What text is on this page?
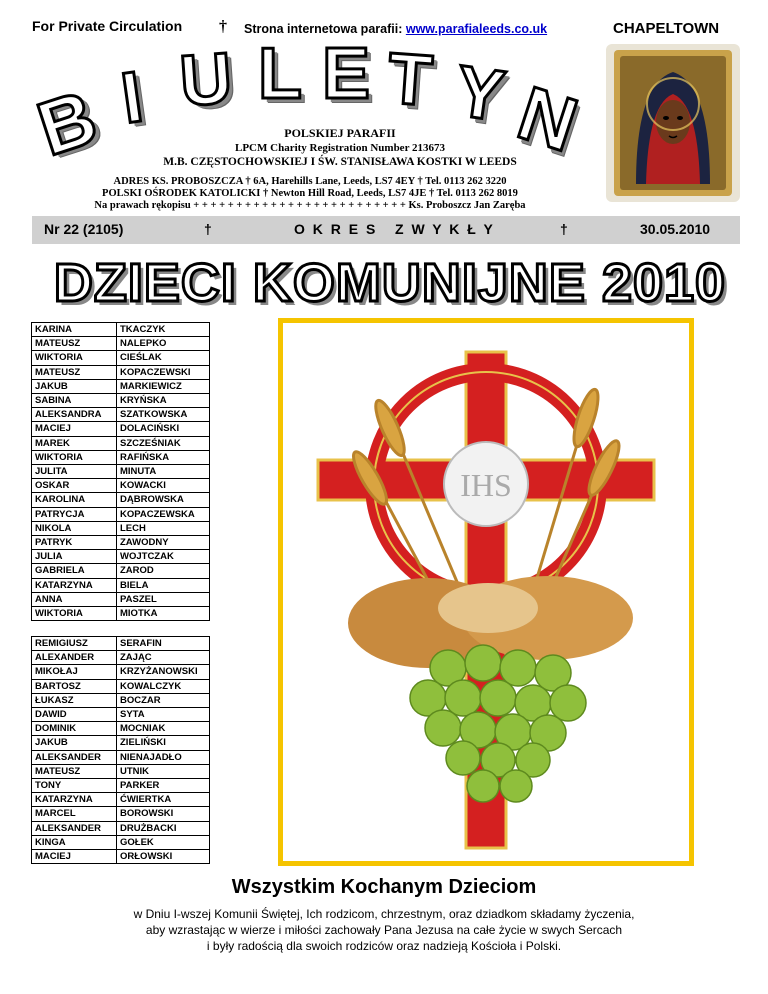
For Private Circulation † Strona internetowa parafii: www.parafialeeds.co.uk	CHAPELTOWN
B I U L E T Y N
POLSKIEJ PARAFII
LPCM Charity Registration Number 213673
M.B. CZĘSTOCHOWSKIEJ I ŚW. STANISŁAWA KOSTKI W LEEDS
ADRES KS. PROBOSZCZA † 6A, Harehills Lane, Leeds, LS7 4EY † Tel. 0113 262 3220
POLSKI OŚRODEK KATOLICKI † Newton Hill Road, Leeds, LS7 4JE † Tel. 0113 262 8019
Na prawach rękopisu + + + + + + + + + + + + + + + + + + + + + + + + + Ks. Proboszcz Jan Zaręba
Nr 22 (2105)	†	O K R E S   Z W Y K Ł Y	†	30.05.2010
DZIECI KOMUNIJNE 2010
KARINA	TKACZYK
MATEUSZ	NALEPKO
WIKTORIA	CIEŚLAK
MATEUSZ	KOPACZEWSKI
JAKUB	MARKIEWICZ
SABINA	KRYŃSKA
ALEKSANDRA	SZATKOWSKA
MACIEJ	DOLACIŃSKI
MAREK	SZCZEŚNIAK
WIKTORIA	RAFIŃSKA
JULITA	MINUTA
OSKAR	KOWACKI
KAROLINA	DĄBROWSKA
PATRYCJA	KOPACZEWSKA
NIKOLA	LECH
PATRYK	ZAWODNY
JULIA	WOJTCZAK
GABRIELA	ZAROD
KATARZYNA	BIELA
ANNA	PASZEL
WIKTORIA	MIOTKA
REMIGIUSZ	SERAFIN
ALEXANDER	ZAJĄC
MIKOŁAJ	KRZYŻANOWSKI
BARTOSZ	KOWALCZYK
ŁUKASZ	BOCZAR
DAWID	SYTA
DOMINIK	MOCNIAK
JAKUB	ZIELIŃSKI
ALEKSANDER	NIENAJADŁO
MATEUSZ	UTNIK
TONY	PARKER
KATARZYNA	ĆWIERTKA
MARCEL	BOROWSKI
ALEKSANDER	DRUŻBACKI
KINGA	GOŁEK
MACIEJ	ORŁOWSKI
IHS
Wszystkim Kochanym Dzieciom
w Dniu I-wszej Komunii Świętej, Ich rodzicom, chrzestnym, oraz dziadkom składamy życzenia,
aby wzrastając w wierze i miłości zachowały Pana Jezusa na całe życie w swych Sercach
i były radością dla swoich rodziców oraz nadzieją Kościoła i Polski.
